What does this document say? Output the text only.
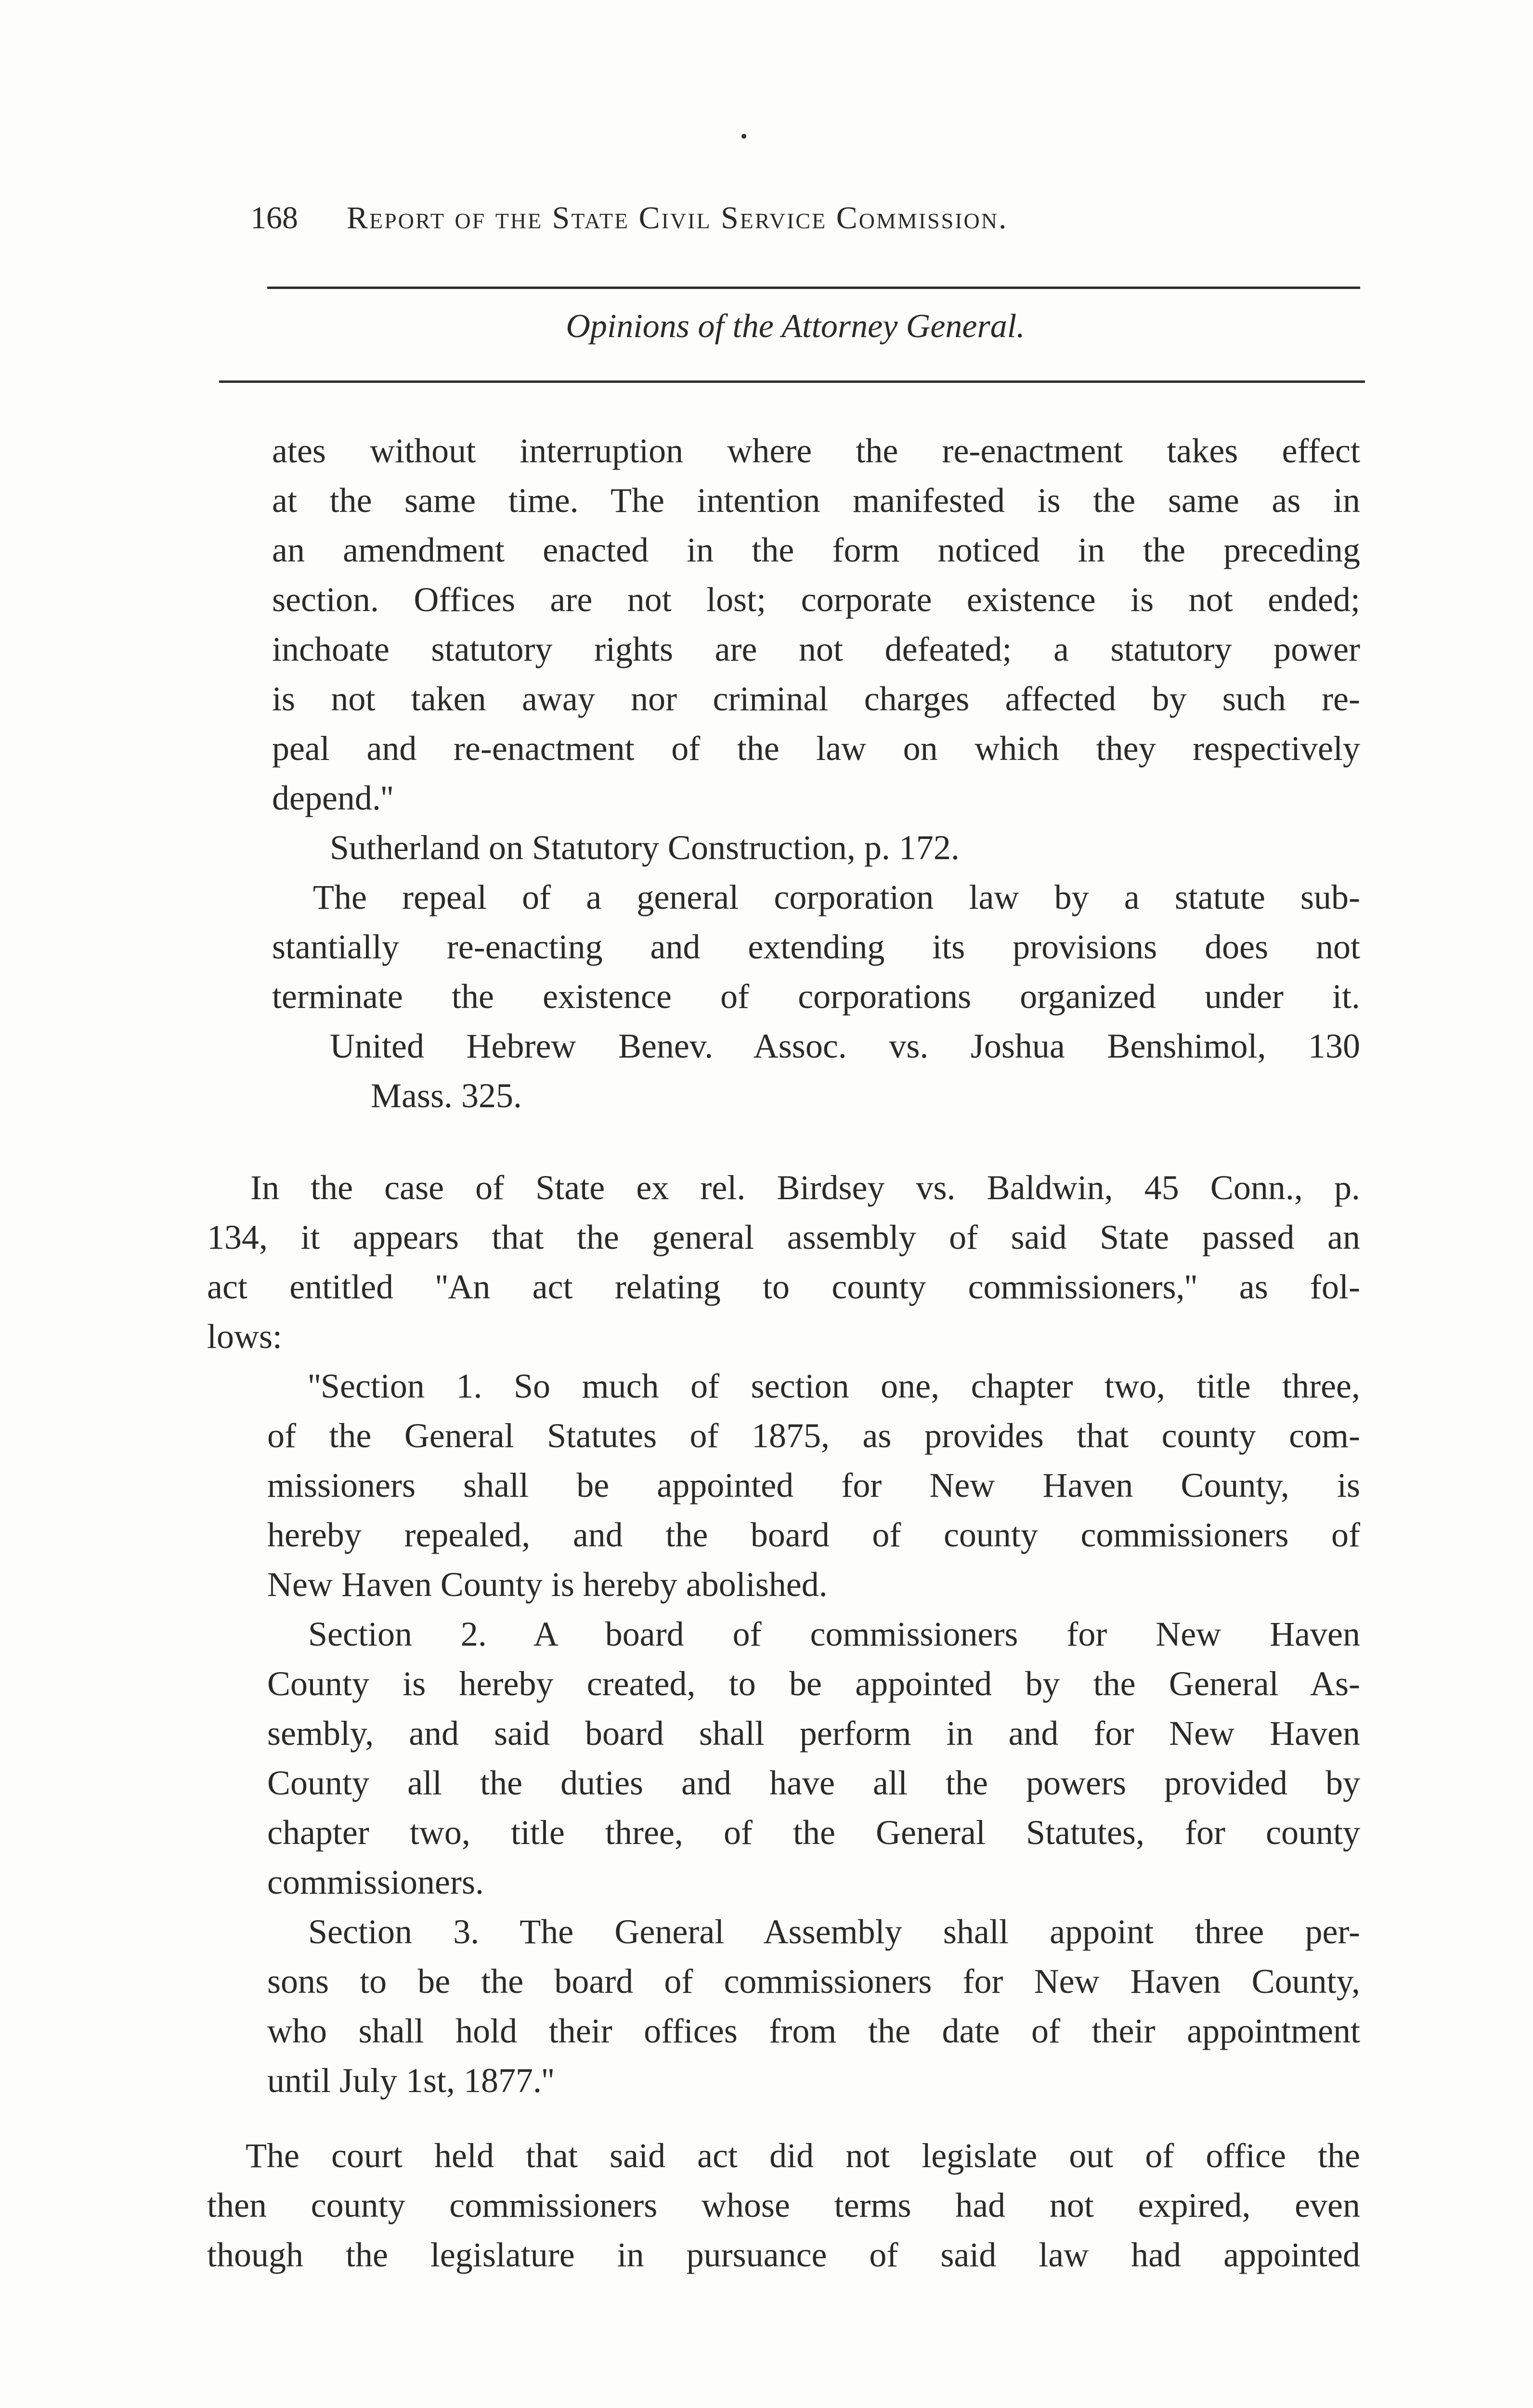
168 Report of the State Civil Service Commission.
Opinions of the Attorney General.
ates without interruption where the re-enactment takes effect
at the same time. The intention manifested is the same as in
an amendment enacted in the form noticed in the preceding
section. Offices are not lost; corporate existence is not ended;
inchoate statutory rights are not defeated; a statutory power
is not taken away nor criminal charges affected by such re-
peal and re-enactment of the law on which they respectively
depend.''
Sutherland on Statutory Construction, p. 172.
The repeal of a general corporation law by a statute sub-
stantially re-enacting and extending its provisions does not
terminate the existence of corporations organized under it.
United Hebrew Benev. Assoc. vs. Joshua Benshimol, 130
Mass. 325.
In the case of State ex rel. Birdsey vs. Baldwin, 45 Conn., p.
134, it appears that the general assembly of said State passed an
act entitled ''An act relating to county commissioners,'' as fol-
lows:
''Section 1. So much of section one, chapter two, title three,
of the General Statutes of 1875, as provides that county com-
missioners shall be appointed for New Haven County, is
hereby repealed, and the board of county commissioners of
New Haven County is hereby abolished.
Section 2. A board of commissioners for New Haven
County is hereby created, to be appointed by the General As-
sembly, and said board shall perform in and for New Haven
County all the duties and have all the powers provided by
chapter two, title three, of the General Statutes, for county
commissioners.
Section 3. The General Assembly shall appoint three per-
sons to be the board of commissioners for New Haven County,
who shall hold their offices from the date of their appointment
until July 1st, 1877.''
The court held that said act did not legislate out of office the
then county commissioners whose terms had not expired, even
though the legislature in pursuance of said law had appointed
